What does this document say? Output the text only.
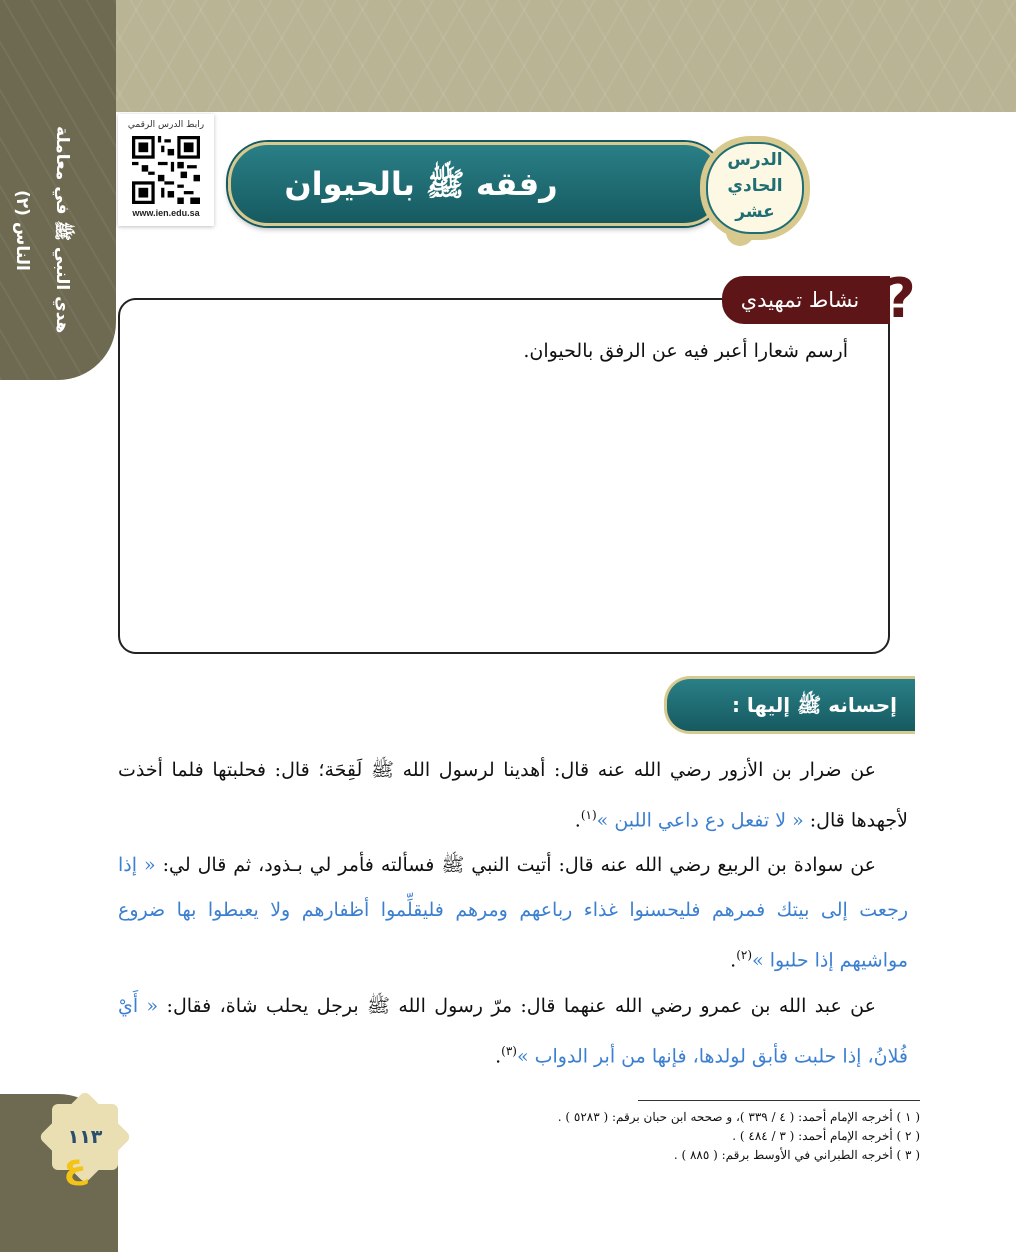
هدي النبي ﷺ في معاملة الناس (٢)
رابط الدرس الرقمي
www.ien.edu.sa
رفقه ﷺ بالحيوان
الدرس
الحادي
عشر
نشاط تمهيدي ?
أرسم شعارا أعبر فيه عن الرفق بالحيوان.
إحسانه ﷺ إليها :

عن ضرار بن الأزور رضي الله عنه قال: أهدينا لرسول الله ﷺ لَقِحَة؛ قال: فحلبتها فلما أخذت لأجهدها قال: « لا تفعل دع داعي اللبن »$^{(١)}$.

عن سوادة بن الربيع رضي الله عنه قال: أتيت النبي ﷺ فسألته فأمر لي بـذود، ثم قال لي: « إذا رجعت إلى بيتك فمرهم فليحسنوا غذاء رباعهم ومرهم فليقلِّموا أظفارهم ولا يعبطوا بها ضروع مواشيهم إذا حلبوا »$^{(٢)}$.

عن عبد الله بن عمرو رضي الله عنهما قال: مرّ رسول الله ﷺ برجل يحلب شاة، فقال: « أَيْ فُلانُ، إذا حلبت فأبق لولدها، فإنها من أبر الدواب »$^{(٣)}$.

( ١ ) أخرجه الإمام أحمد: ( ٤ / ٣٣٩ )، و صححه ابن حبان برقم: ( ٥٢٨٣ ) .
( ٢ ) أخرجه الإمام أحمد: ( ٣ / ٤٨٤ ) .
( ٣ ) أخرجه الطبراني في الأوسط برقم: ( ٨٨٥ ) .
١١٣
ع
